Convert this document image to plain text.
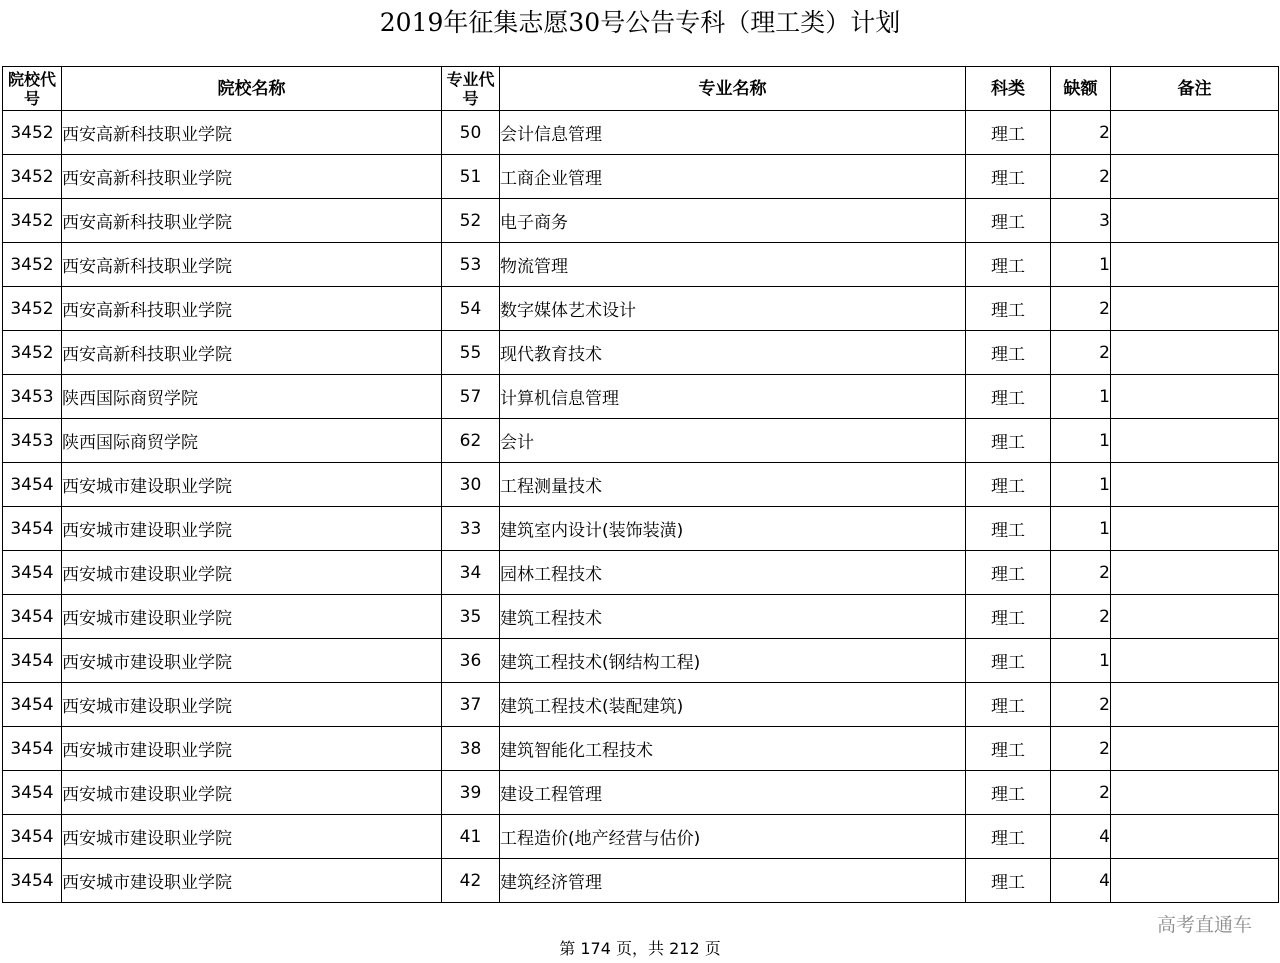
2019年征集志愿30号公告专科（理工类）计划
院校代号	院校名称	专业代号	专业名称	科类	缺额	备注
3452	西安高新科技职业学院	50	会计信息管理	理工	2	
3452	西安高新科技职业学院	51	工商企业管理	理工	2	
3452	西安高新科技职业学院	52	电子商务	理工	3	
3452	西安高新科技职业学院	53	物流管理	理工	1	
3452	西安高新科技职业学院	54	数字媒体艺术设计	理工	2	
3452	西安高新科技职业学院	55	现代教育技术	理工	2	
3453	陕西国际商贸学院	57	计算机信息管理	理工	1	
3453	陕西国际商贸学院	62	会计	理工	1	
3454	西安城市建设职业学院	30	工程测量技术	理工	1	
3454	西安城市建设职业学院	33	建筑室内设计(装饰装潢)	理工	1	
3454	西安城市建设职业学院	34	园林工程技术	理工	2	
3454	西安城市建设职业学院	35	建筑工程技术	理工	2	
3454	西安城市建设职业学院	36	建筑工程技术(钢结构工程)	理工	1	
3454	西安城市建设职业学院	37	建筑工程技术(装配建筑)	理工	2	
3454	西安城市建设职业学院	38	建筑智能化工程技术	理工	2	
3454	西安城市建设职业学院	39	建设工程管理	理工	2	
3454	西安城市建设职业学院	41	工程造价(地产经营与估价)	理工	4	
3454	西安城市建设职业学院	42	建筑经济管理	理工	4	
高考直通车
第 174 页，共 212 页
